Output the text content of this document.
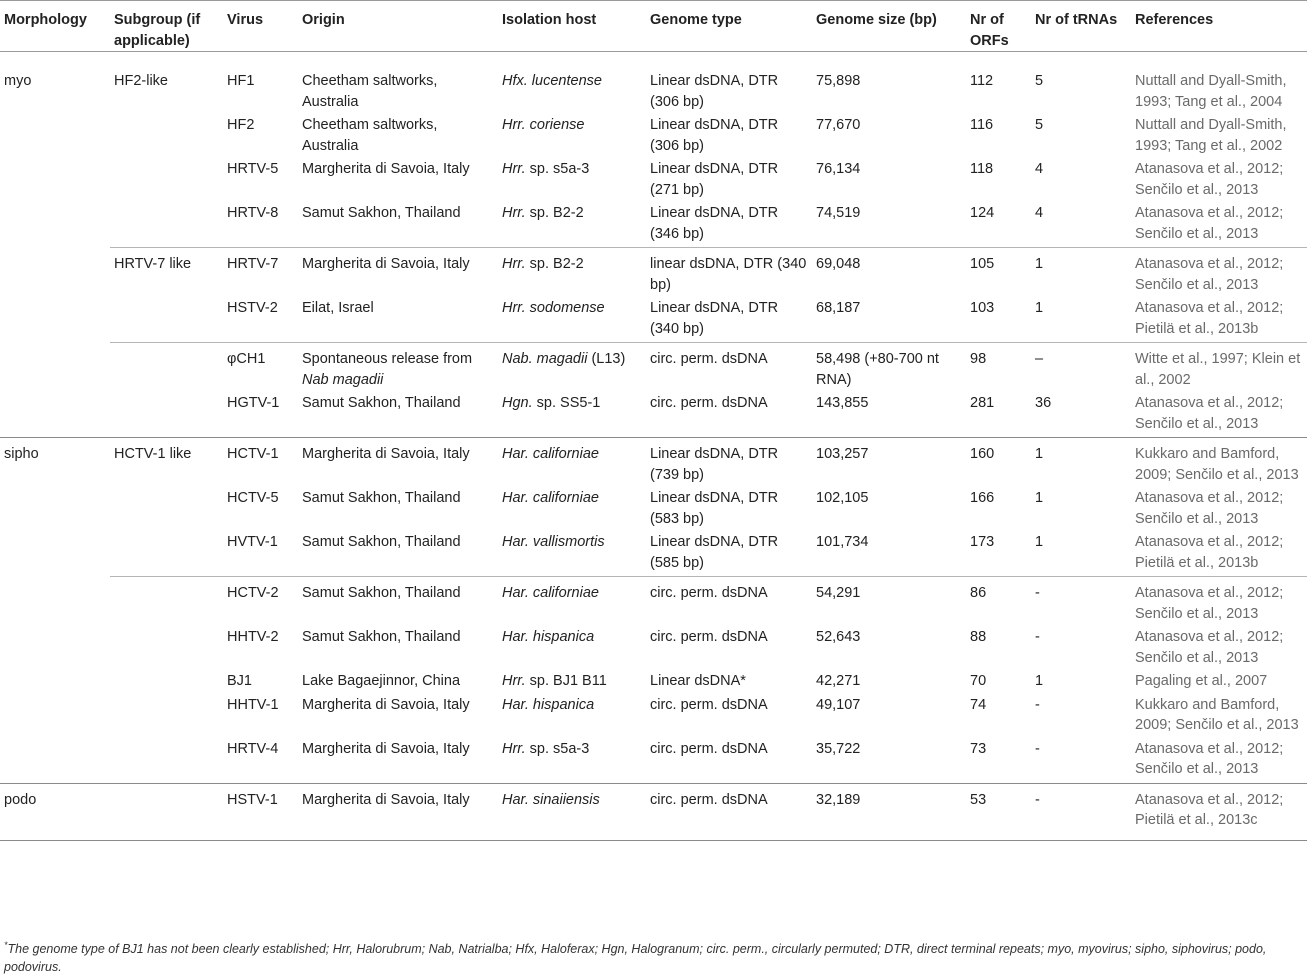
Morphology	Subgroup (if applicable)	Virus	Origin	Isolation host	Genome type	Genome size (bp)	Nr of ORFs	Nr of tRNAs	References
myo	HF2-like	HF1	Cheetham saltworks, Australia	Hfx. lucentense	Linear dsDNA, DTR (306 bp)	75,898	112	5	Nuttall and Dyall-Smith, 1993; Tang et al., 2004
		HF2	Cheetham saltworks, Australia	Hrr. coriense	Linear dsDNA, DTR (306 bp)	77,670	116	5	Nuttall and Dyall-Smith, 1993; Tang et al., 2002
		HRTV-5	Margherita di Savoia, Italy	Hrr. sp. s5a-3	Linear dsDNA, DTR (271 bp)	76,134	118	4	Atanasova et al., 2012; Senčilo et al., 2013
		HRTV-8	Samut Sakhon, Thailand	Hrr. sp. B2-2	Linear dsDNA, DTR (346 bp)	74,519	124	4	Atanasova et al., 2012; Senčilo et al., 2013
	HRTV-7 like	HRTV-7	Margherita di Savoia, Italy	Hrr. sp. B2-2	linear dsDNA, DTR (340 bp)	69,048	105	1	Atanasova et al., 2012; Senčilo et al., 2013
		HSTV-2	Eilat, Israel	Hrr. sodomense	Linear dsDNA, DTR (340 bp)	68,187	103	1	Atanasova et al., 2012; Pietilä et al., 2013b
		φCH1	Spontaneous release from Nab magadii	Nab. magadii (L13)	circ. perm. dsDNA	58,498 (+80-700 nt RNA)	98	–	Witte et al., 1997; Klein et al., 2002
		HGTV-1	Samut Sakhon, Thailand	Hgn. sp. SS5-1	circ. perm. dsDNA	143,855	281	36	Atanasova et al., 2012; Senčilo et al., 2013
sipho	HCTV-1 like	HCTV-1	Margherita di Savoia, Italy	Har. californiae	Linear dsDNA, DTR (739 bp)	103,257	160	1	Kukkaro and Bamford, 2009; Senčilo et al., 2013
		HCTV-5	Samut Sakhon, Thailand	Har. californiae	Linear dsDNA, DTR (583 bp)	102,105	166	1	Atanasova et al., 2012; Senčilo et al., 2013
		HVTV-1	Samut Sakhon, Thailand	Har. vallismortis	Linear dsDNA, DTR (585 bp)	101,734	173	1	Atanasova et al., 2012; Pietilä et al., 2013b
		HCTV-2	Samut Sakhon, Thailand	Har. californiae	circ. perm. dsDNA	54,291	86	-	Atanasova et al., 2012; Senčilo et al., 2013
		HHTV-2	Samut Sakhon, Thailand	Har. hispanica	circ. perm. dsDNA	52,643	88	-	Atanasova et al., 2012; Senčilo et al., 2013
		BJ1	Lake Bagaejinnor, China	Hrr. sp. BJ1 B11	Linear dsDNA*	42,271	70	1	Pagaling et al., 2007
		HHTV-1	Margherita di Savoia, Italy	Har. hispanica	circ. perm. dsDNA	49,107	74	-	Kukkaro and Bamford, 2009; Senčilo et al., 2013
		HRTV-4	Margherita di Savoia, Italy	Hrr. sp. s5a-3	circ. perm. dsDNA	35,722	73	-	Atanasova et al., 2012; Senčilo et al., 2013
podo		HSTV-1	Margherita di Savoia, Italy	Har. sinaiiensis	circ. perm. dsDNA	32,189	53	-	Atanasova et al., 2012; Pietilä et al., 2013c

*The genome type of BJ1 has not been clearly established; Hrr, Halorubrum; Nab, Natrialba; Hfx, Haloferax; Hgn, Halogranum; circ. perm., circularly permuted; DTR, direct terminal repeats; myo, myovirus; sipho, siphovirus; podo, podovirus.
